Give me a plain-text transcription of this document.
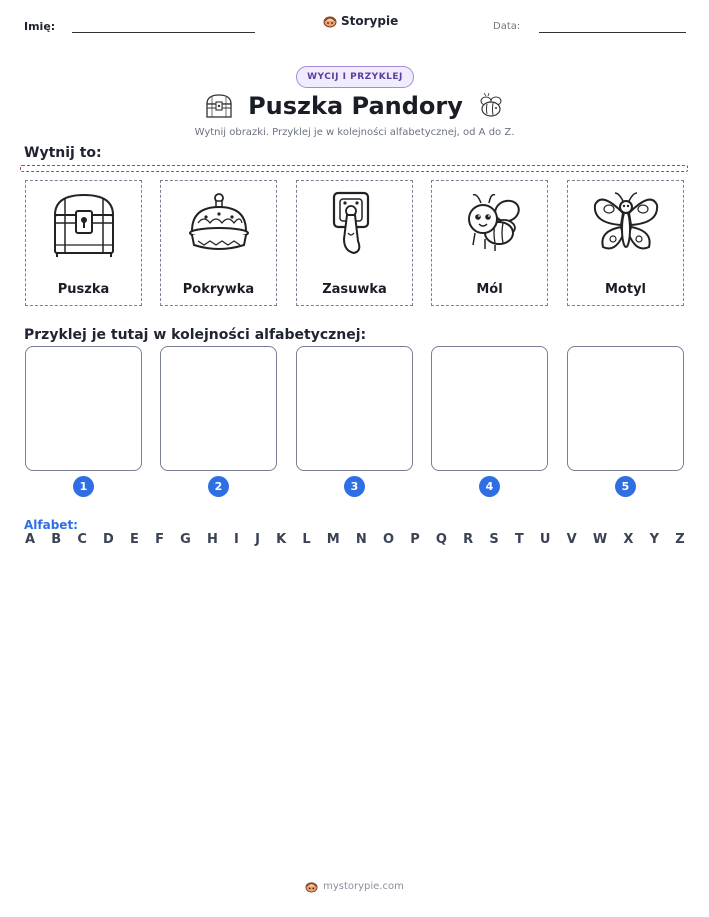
Imię:	Storypie	Data:
WYCIJ I PRZYKLEJ
Puszka Pandory
Wytnij obrazki. Przyklej je w kolejności alfabetycznej, od A do Z.
Wytnij to:
Puszka	Pokrywka	Zasuwka	Mól	Motyl
Przyklej je tutaj w kolejności alfabetycznej:
1	2	3	4	5
Alfabet:
A B C D E F G H I J K L M N O P Q R S T U V W X Y Z
mystorypie.com
